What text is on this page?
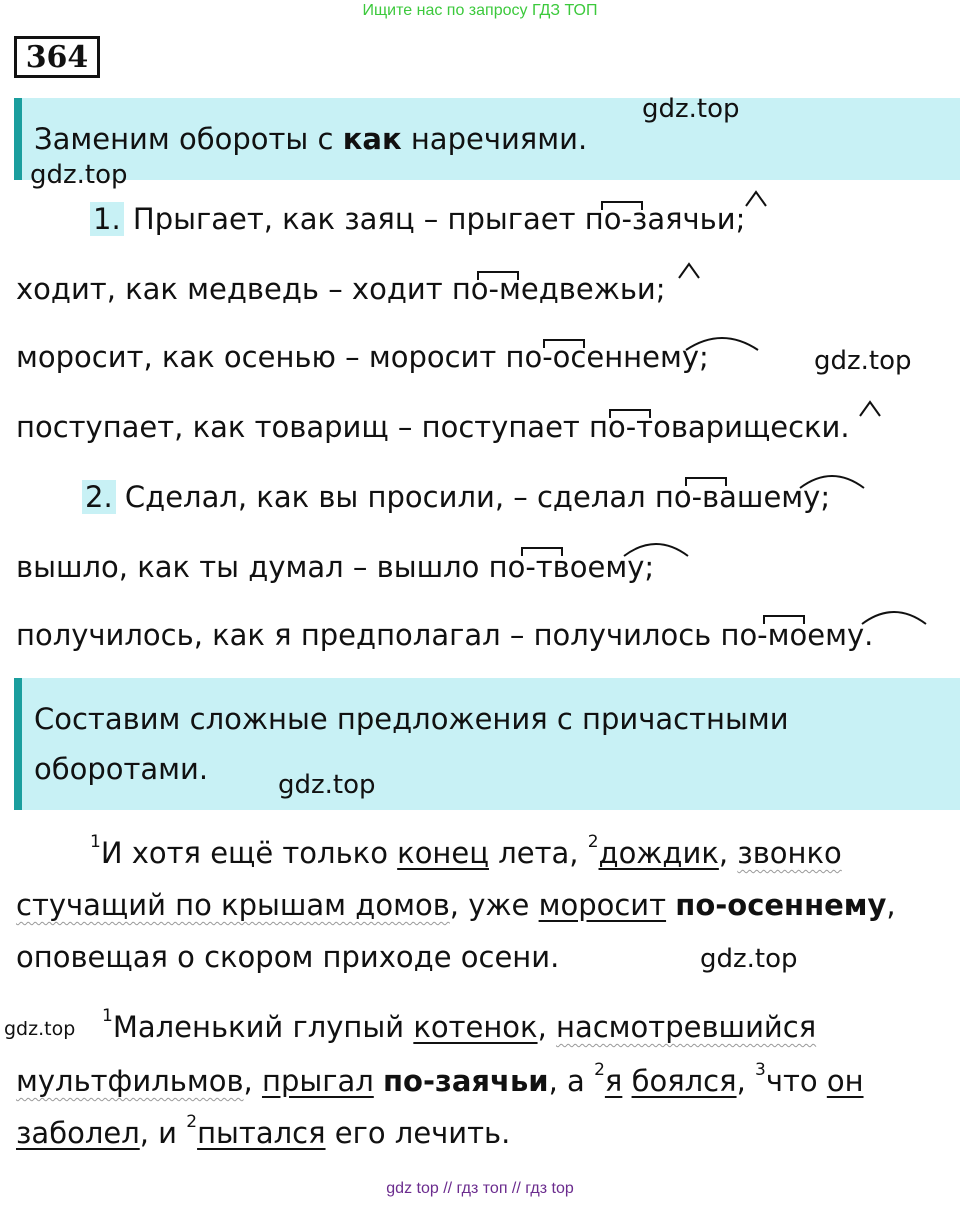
Ищите нас по запросу ГДЗ ТОП
364
Заменим обороты с как наречиями.
gdz.top
gdz.top
1. Прыгает, как заяц – прыгает по-заячьи;
ходит, как медведь – ходит по-медвежьи;
моросит, как осенью – моросит по-осеннему;	gdz.top
поступает, как товарищ – поступает по-товарищески.
2. Сделал, как вы просили, – сделал по-вашему;
вышло, как ты думал – вышло по-твоему;
получилось, как я предполагал – получилось по-моему.
Составим сложные предложения с причастными
оборотами.	gdz.top
$^1$И хотя ещё только конец лета, $^2$дождик, звонко
стучащий по крышам домов, уже моросит по-осеннему,
оповещая о скором приходе осени.	gdz.top
gdz.top
$^1$Маленький глупый котенок, насмотревшийся
мультфильмов, прыгал по-заячьи, а $^2$я боялся, $^3$что он
заболел, и $^2$пытался его лечить.
gdz top // гдз топ // гдз top
